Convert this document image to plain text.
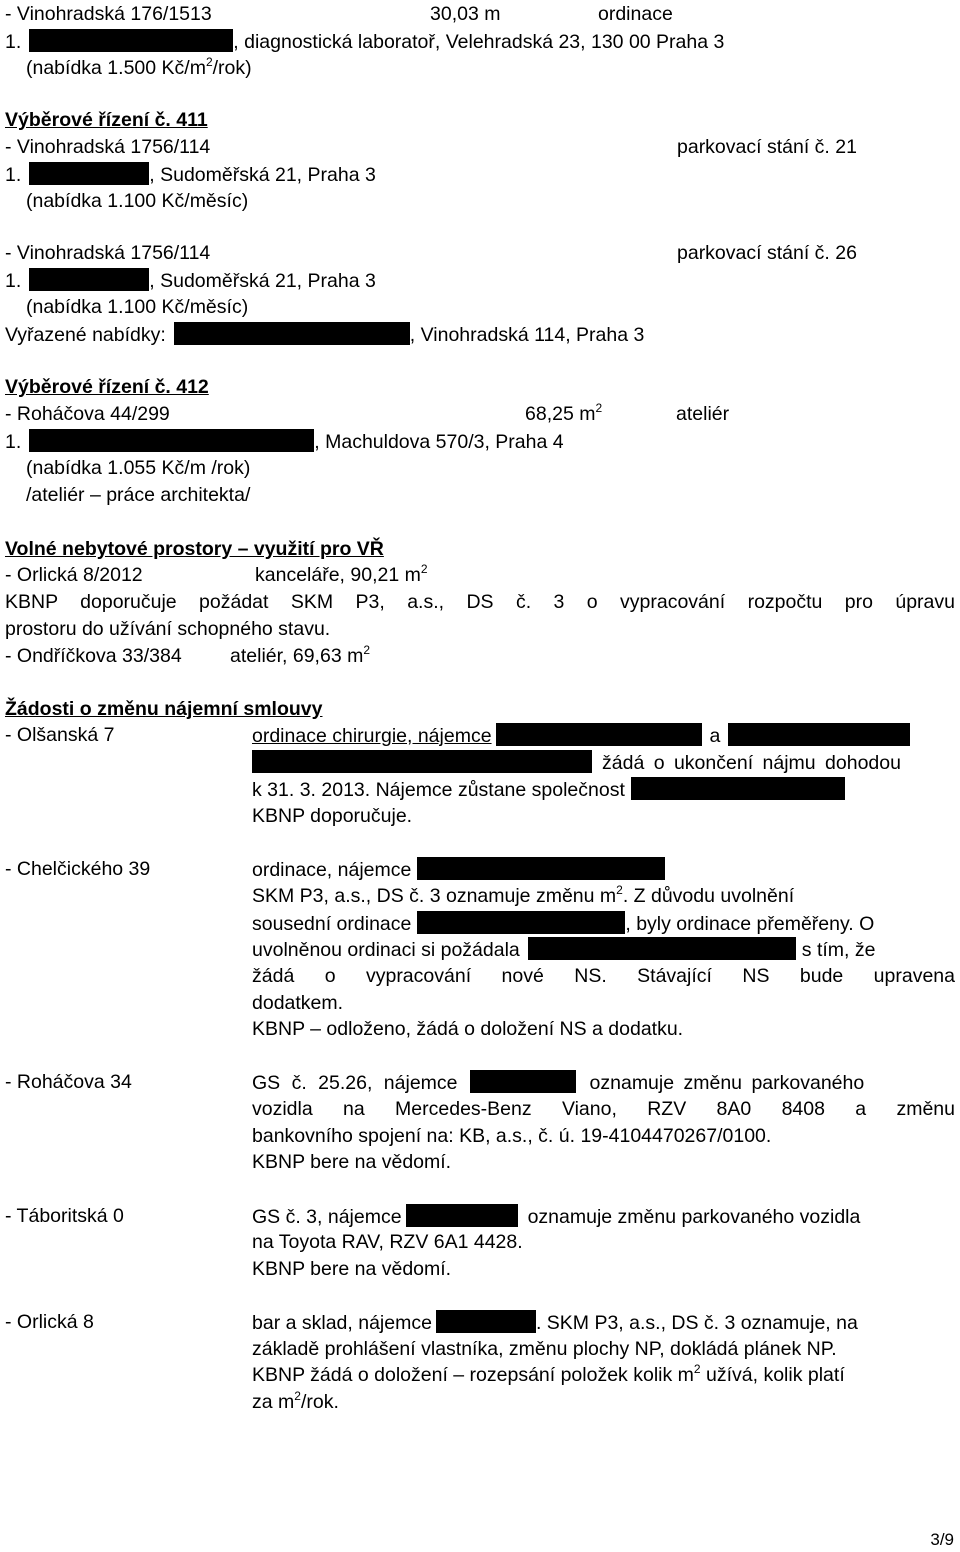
- Vinohradská 176/1513	30,03 m	ordinace
1.	, diagnostická laboratoř, Velehradská 23, 130 00 Praha 3
(nabídka 1.500 $Kč/m^2/rok$)
Výběrové řízení č. 411
- Vinohradská 1756/114	parkovací stání č. 21
1.	, Sudoměřská 21, Praha 3
(nabídka 1.100 Kč/měsíc)
- Vinohradská 1756/114	parkovací stání č. 26
1.	, Sudoměřská 21, Praha 3
(nabídka 1.100 Kč/měsíc)
Vyřazené nabídky:	, Vinohradská 114, Praha 3
Výběrové řízení č. 412
- Roháčova 44/299	68,25 $m^2$	ateliér
1.	, Machuldova 570/3, Praha 4
(nabídka 1.055 Kč/m /rok)
/ateliér – práce architekta/
Volné nebytové prostory – využití pro VŘ
- Orlická 8/2012	kanceláře, 90,21 $m^2$
KBNP doporučuje požádat SKM P3, a.s., DS č. 3 o vypracování rozpočtu pro úpravu
prostoru do užívání schopného stavu.
- Ondříčkova 33/384 ateliér, 69,63 $m^2$
Žádosti o změnu nájemní smlouvy
- Olšanská 7	ordinace chirurgie, nájemce	a
žádá o ukončení nájmu dohodou
k 31. 3. 2013. Nájemce zůstane společnost
KBNP doporučuje.
- Chelčického 39	ordinace, nájemce
SKM P3, a.s., DS č. 3 oznamuje změnu $m^2$. Z důvodu uvolnění
sousední ordinace	, byly ordinace přeměřeny. O
uvolněnou ordinaci si požádala	s tím, že
žádá o vypracování nové NS. Stávající NS bude upravena
dodatkem.
KBNP – odloženo, žádá o doložení NS a dodatku.
- Roháčova 34	GS č. 25.26, nájemce	oznamuje změnu parkovaného
vozidla na Mercedes-Benz Viano, RZV 8A0 8408 a změnu
bankovního spojení na: KB, a.s., č. ú. 19-4104470267/0100.
KBNP bere na vědomí.
- Táboritská 0	GS č. 3, nájemce	oznamuje změnu parkovaného vozidla
na Toyota RAV, RZV 6A1 4428.
KBNP bere na vědomí.
- Orlická 8	bar a sklad, nájemce	. SKM P3, a.s., DS č. 3 oznamuje, na
základě prohlášení vlastníka, změnu plochy NP, dokládá plánek NP.
KBNP žádá o doložení – rozepsání položek kolik $m^2$ užívá, kolik platí
za $m^2$/rok.
3/9
